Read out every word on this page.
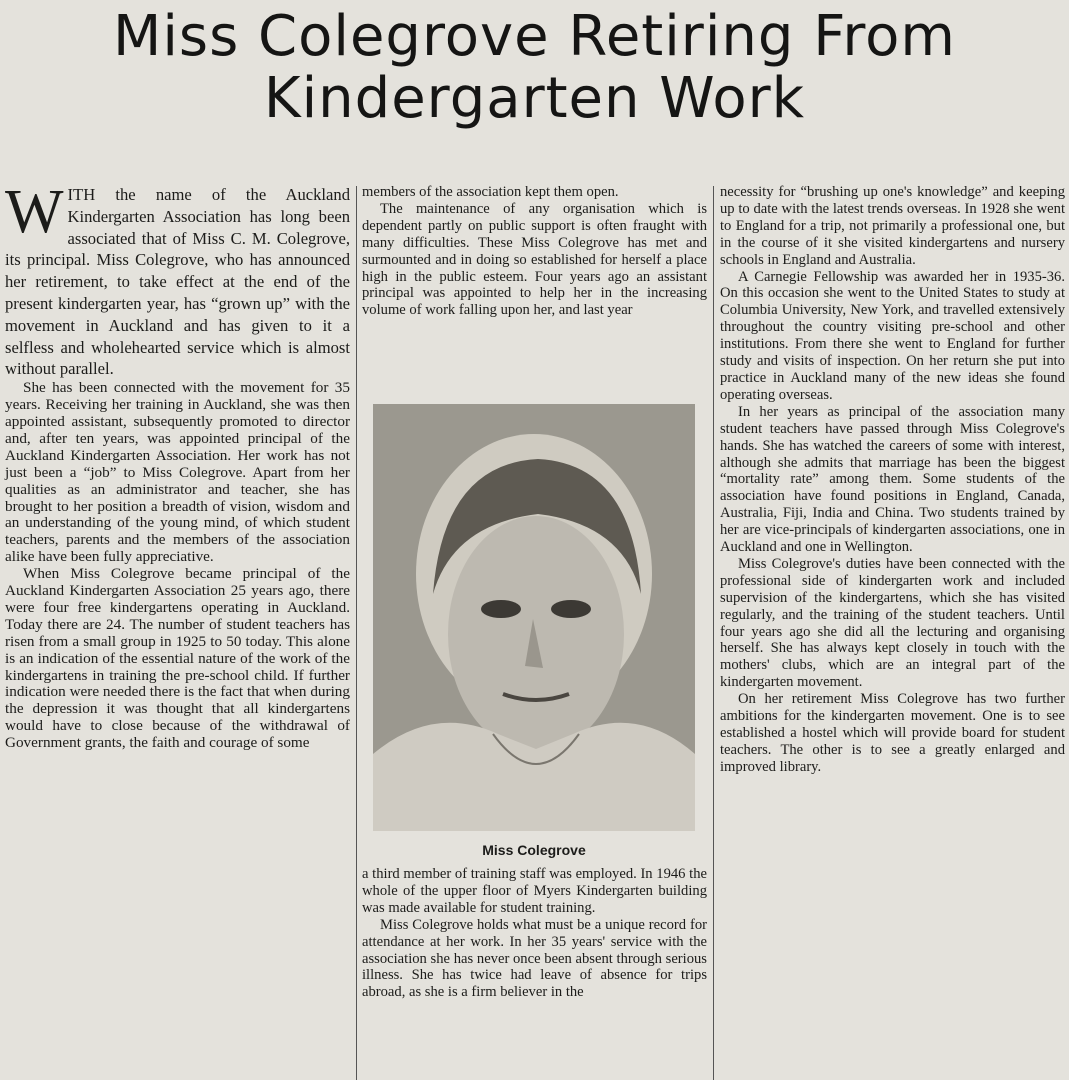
Miss Colegrove Retiring From
Kindergarten Work

WITH the name of the Auckland Kindergarten Association has long been associated that of Miss C. M. Colegrove, its principal. Miss Colegrove, who has announced her retirement, to take effect at the end of the present kindergarten year, has “grown up” with the movement in Auckland and has given to it a selfless and wholehearted service which is almost without parallel.

She has been connected with the movement for 35 years. Receiving her training in Auckland, she was then appointed assistant, subsequently promoted to director and, after ten years, was appointed principal of the Auckland Kindergarten Association. Her work has not just been a “job” to Miss Colegrove. Apart from her qualities as an administrator and teacher, she has brought to her position a breadth of vision, wisdom and an understanding of the young mind, of which student teachers, parents and the members of the association alike have been fully appreciative.

When Miss Colegrove became principal of the Auckland Kindergarten Association 25 years ago, there were four free kindergartens operating in Auckland. Today there are 24. The number of student teachers has risen from a small group in 1925 to 50 today. This alone is an indication of the essential nature of the work of the kindergartens in training the pre-school child. If further indication were needed there is the fact that when during the depression it was thought that all kindergartens would have to close because of the withdrawal of Government grants, the faith and courage of some

members of the association kept them open.

The maintenance of any organisation which is dependent partly on public support is often fraught with many difficulties. These Miss Colegrove has met and surmounted and in doing so established for herself a place high in the public esteem. Four years ago an assistant principal was appointed to help her in the increasing volume of work falling upon her, and last year

Miss Colegrove

a third member of training staff was employed. In 1946 the whole of the upper floor of Myers Kindergarten building was made available for student training.

Miss Colegrove holds what must be a unique record for attendance at her work. In her 35 years' service with the association she has never once been absent through serious illness. She has twice had leave of absence for trips abroad, as she is a firm believer in the

necessity for “brushing up one's knowledge” and keeping up to date with the latest trends overseas. In 1928 she went to England for a trip, not primarily a professional one, but in the course of it she visited kindergartens and nursery schools in England and Australia.

A Carnegie Fellowship was awarded her in 1935-36. On this occasion she went to the United States to study at Columbia University, New York, and travelled extensively throughout the country visiting pre-school and other institutions. From there she went to England for further study and visits of inspection. On her return she put into practice in Auckland many of the new ideas she found operating overseas.

In her years as principal of the association many student teachers have passed through Miss Colegrove's hands. She has watched the careers of some with interest, although she admits that marriage has been the biggest “mortality rate” among them. Some students of the association have found positions in England, Canada, Australia, Fiji, India and China. Two students trained by her are vice-principals of kindergarten associations, one in Auckland and one in Wellington.

Miss Colegrove's duties have been connected with the professional side of kindergarten work and included supervision of the kindergartens, which she has visited regularly, and the training of the student teachers. Until four years ago she did all the lecturing and organising herself. She has always kept closely in touch with the mothers' clubs, which are an integral part of the kindergarten movement.

On her retirement Miss Colegrove has two further ambitions for the kindergarten movement. One is to see established a hostel which will provide board for student teachers. The other is to see a greatly enlarged and improved library.
